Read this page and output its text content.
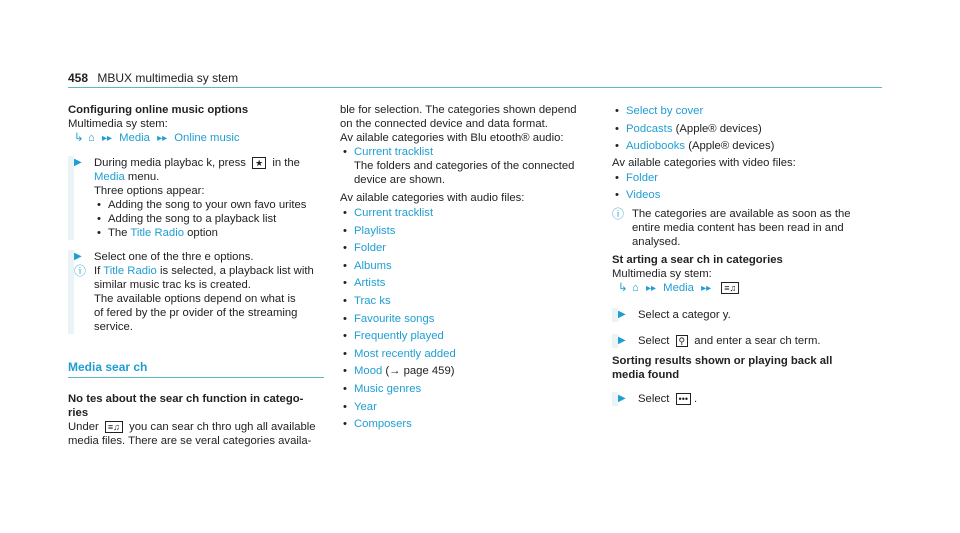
458 MBUX multimedia sy stem
Configuring online music options
Multimedia sy stem:
↳ ⌂ ▸▸ Media ▸▸ Online music
▶ During media playbac k, press ★ in the
Media menu.
Three options appear:
• Adding the song to your own favo urites
• Adding the song to a playback list
• The Title Radio option
▶ Select one of the thre e options.
ⓘ If Title Radio is selected, a playback list with
similar music trac ks is created.
The available options depend on what is
of fered by the pr ovider of the streaming
service.
Media sear ch
No tes about the sear ch function in catego‐
ries
Under ≡♫ you can sear ch thro ugh all available
media files. There are se veral categories availa‐
ble for selection. The categories shown depend
on the connected device and data format.
Av ailable categories with Blu etooth® audio:
• Current tracklist
The folders and categories of the connected
device are shown.
Av ailable categories with audio files:
• Current tracklist
• Playlists
• Folder
• Albums
• Artists
• Trac ks
• Favourite songs
• Frequently played
• Most recently added
• Mood (→ page 459)
• Music genres
• Year
• Composers
• Select by cover
• Podcasts (Apple® devices)
• Audiobooks (Apple® devices)
Av ailable categories with video files:
• Folder
• Videos
ⓘ The categories are available as soon as the
entire media content has been read in and
analysed.
St arting a sear ch in categories
Multimedia sy stem:
↳ ⌂ ▸▸ Media ▸▸ ≡♫
▶ Select a categor y.
▶ Select ⚲ and enter a sear ch term.
Sorting results shown or playing back all
media found
▶ Select ••• .
